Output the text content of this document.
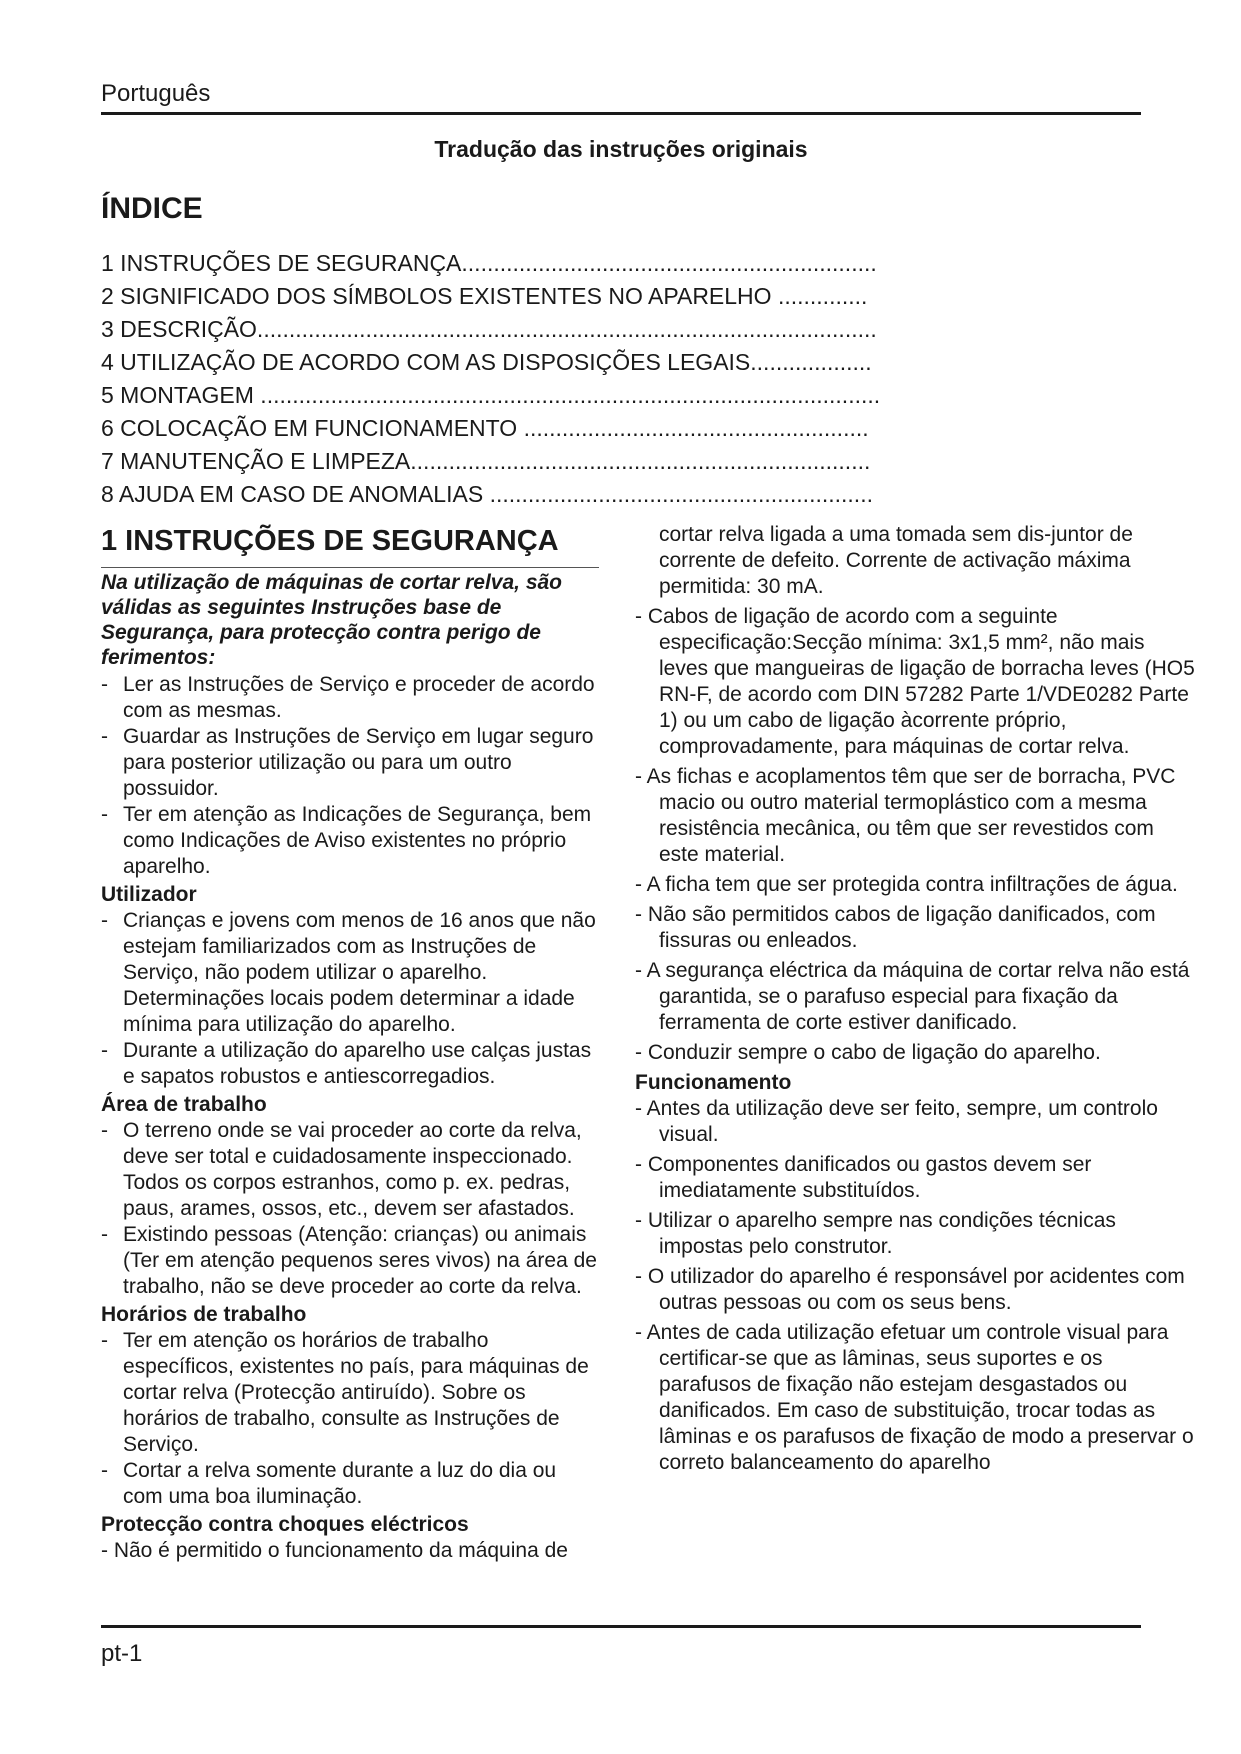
Português
Tradução das instruções originais
ÍNDICE
1 INSTRUÇÕES DE SEGURANÇA.................................................................
2 SIGNIFICADO DOS SÍMBOLOS EXISTENTES NO APARELHO ..............
3 DESCRIÇÃO.................................................................................................
4 UTILIZAÇÃO DE ACORDO COM AS DISPOSIÇÕES LEGAIS...................
5 MONTAGEM .................................................................................................
6 COLOCAÇÃO EM FUNCIONAMENTO ......................................................
7 MANUTENÇÃO E LIMPEZA........................................................................
8 AJUDA EM CASO DE ANOMALIAS ............................................................
1 INSTRUÇÕES DE SEGURANÇA

Na utilização de máquinas de cortar relva, são válidas as seguintes Instruções base de Segurança, para protecção contra perigo de ferimentos:

- Ler as Instruções de Serviço e proceder de acordo com as mesmas.
- Guardar as Instruções de Serviço em lugar seguro para posterior utilização ou para um outro possuidor.
- Ter em atenção as Indicações de Segurança, bem como Indicações de Aviso existentes no próprio aparelho.

Utilizador

- Crianças e jovens com menos de 16 anos que não estejam familiarizados com as Instruções de Serviço, não podem utilizar o aparelho. Determinações locais podem determinar a idade mínima para utilização do aparelho.
- Durante a utilização do aparelho use calças justas e sapatos robustos e antiescorregadios.

Área de trabalho

- O terreno onde se vai proceder ao corte da relva, deve ser total e cuidadosamente inspeccionado. Todos os corpos estranhos, como p. ex. pedras, paus, arames, ossos, etc., devem ser afastados.
- Existindo pessoas (Atenção: crianças) ou animais (Ter em atenção pequenos seres vivos) na área de trabalho, não se deve proceder ao corte da relva.

Horários de trabalho

- Ter em atenção os horários de trabalho específicos, existentes no país, para máquinas de cortar relva (Protecção antiruído). Sobre os horários de trabalho, consulte as Instruções de Serviço.
- Cortar a relva somente durante a luz do dia ou com uma boa iluminação.

Protecção contra choques eléctricos

- Não é permitido o funcionamento da máquina de

cortar relva ligada a uma tomada sem dis-juntor de corrente de defeito. Corrente de activação máxima permitida: 30 mA.

- Cabos de ligação de acordo com a seguinte especificação:Secção mínima: 3x1,5 mm², não mais leves que mangueiras de ligação de borracha leves (HO5 RN-F, de acordo com DIN 57282 Parte 1/VDE0282 Parte 1) ou um cabo de ligação àcorrente próprio, comprovadamente, para máquinas de cortar relva.

- As fichas e acoplamentos têm que ser de borracha, PVC macio ou outro material termoplástico com a mesma resistência mecânica, ou têm que ser revestidos com este material.

- A ficha tem que ser protegida contra infiltrações de água.

- Não são permitidos cabos de ligação danificados, com fissuras ou enleados.

- A segurança eléctrica da máquina de cortar relva não está garantida, se o parafuso especial para fixação da ferramenta de corte estiver danificado.

- Conduzir sempre o cabo de ligação do aparelho.

Funcionamento

- Antes da utilização deve ser feito, sempre, um controlo visual.

- Componentes danificados ou gastos devem ser imediatamente substituídos.

- Utilizar o aparelho sempre nas condições técnicas impostas pelo construtor.

- O utilizador do aparelho é responsável por acidentes com outras pessoas ou com os seus bens.

- Antes de cada utilização efetuar um controle visual para certificar-se que as lâminas, seus suportes e os parafusos de fixação não estejam desgastados ou danificados. Em caso de substituição, trocar todas as lâminas e os parafusos de fixação de modo a preservar o correto balanceamento do aparelho

pt-1
